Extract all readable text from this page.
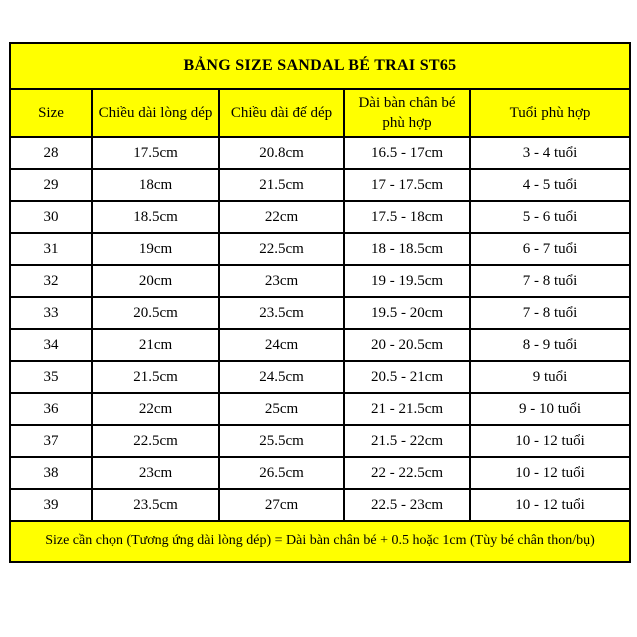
BẢNG SIZE SANDAL BÉ TRAI ST65				
Size	Chiều dài lòng dép	Chiều dài đế dép	Dài bàn chân bé phù hợp	Tuổi phù hợp
28	17.5cm	20.8cm	16.5 - 17cm	3 - 4 tuổi
29	18cm	21.5cm	17 - 17.5cm	4 - 5 tuổi
30	18.5cm	22cm	17.5 - 18cm	5 - 6 tuổi
31	19cm	22.5cm	18 - 18.5cm	6 - 7 tuổi
32	20cm	23cm	19 - 19.5cm	7 - 8 tuổi
33	20.5cm	23.5cm	19.5 - 20cm	7 - 8 tuổi
34	21cm	24cm	20 - 20.5cm	8 - 9 tuổi
35	21.5cm	24.5cm	20.5 - 21cm	9 tuổi
36	22cm	25cm	21 - 21.5cm	9 - 10 tuổi
37	22.5cm	25.5cm	21.5 - 22cm	10 - 12 tuổi
38	23cm	26.5cm	22 - 22.5cm	10 - 12 tuổi
39	23.5cm	27cm	22.5 - 23cm	10 - 12 tuổi
Size cần chọn (Tương ứng dài lòng dép) = Dài bàn chân bé + 0.5 hoặc 1cm (Tùy bé chân thon/bụ)				
